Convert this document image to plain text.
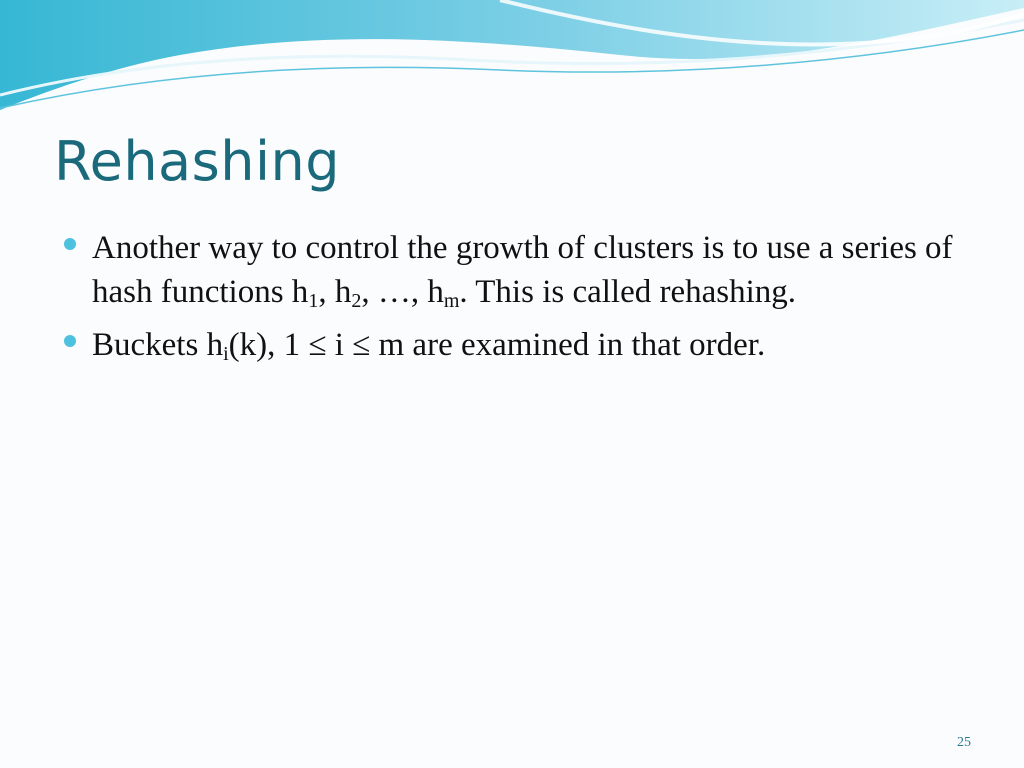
Rehashing
Another way to control the growth of clusters is to use a series of hash functions $h_1$, $h_2$, …, $h_m$. This is called rehashing.
Buckets $h_i(k)$, 1 ≤ i ≤ m are examined in that order.
25
